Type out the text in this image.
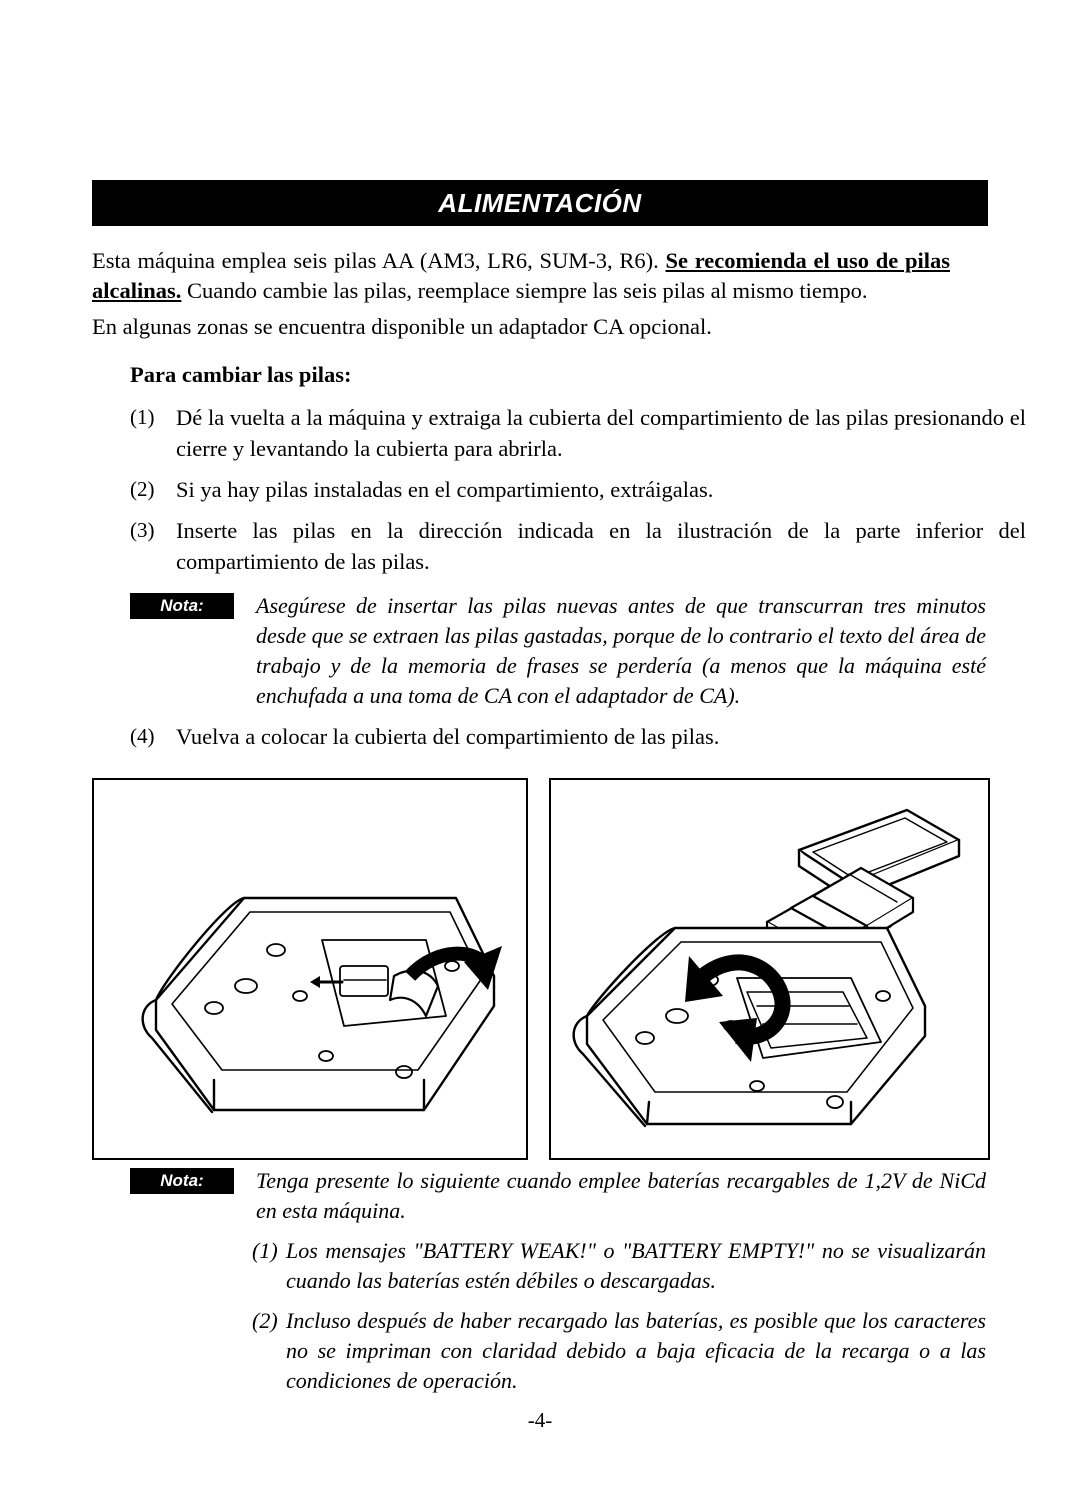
ALIMENTACIÓN

Esta máquina emplea seis pilas AA (AM3, LR6, SUM-3, R6). Se recomienda el uso de pilas alcalinas. Cuando cambie las pilas, reemplace siempre las seis pilas al mismo tiempo.

En algunas zonas se encuentra disponible un adaptador CA opcional.

Para cambiar las pilas:
(1) Dé la vuelta a la máquina y extraiga la cubierta del compartimiento de las pilas presionando el cierre y levantando la cubierta para abrirla.
(2) Si ya hay pilas instaladas en el compartimiento, extráigalas.
(3) Inserte las pilas en la dirección indicada en la ilustración de la parte inferior del compartimiento de las pilas.
Nota:	Asegúrese de insertar las pilas nuevas antes de que transcurran tres minutos desde que se extraen las pilas gastadas, porque de lo contrario el texto del área de trabajo y de la memoria de frases se perdería (a menos que la máquina esté enchufada a una toma de CA con el adaptador de CA).
(4) Vuelva a colocar la cubierta del compartimiento de las pilas.
Nota:	Tenga presente lo siguiente cuando emplee baterías recargables de 1,2V de NiCd en esta máquina.
(1) Los mensajes "BATTERY WEAK!" o "BATTERY EMPTY!" no se visualizarán cuando las baterías estén débiles o descargadas.
(2) Incluso después de haber recargado las baterías, es posible que los caracteres no se impriman con claridad debido a baja eficacia de la recarga o a las condiciones de operación.
-4-
